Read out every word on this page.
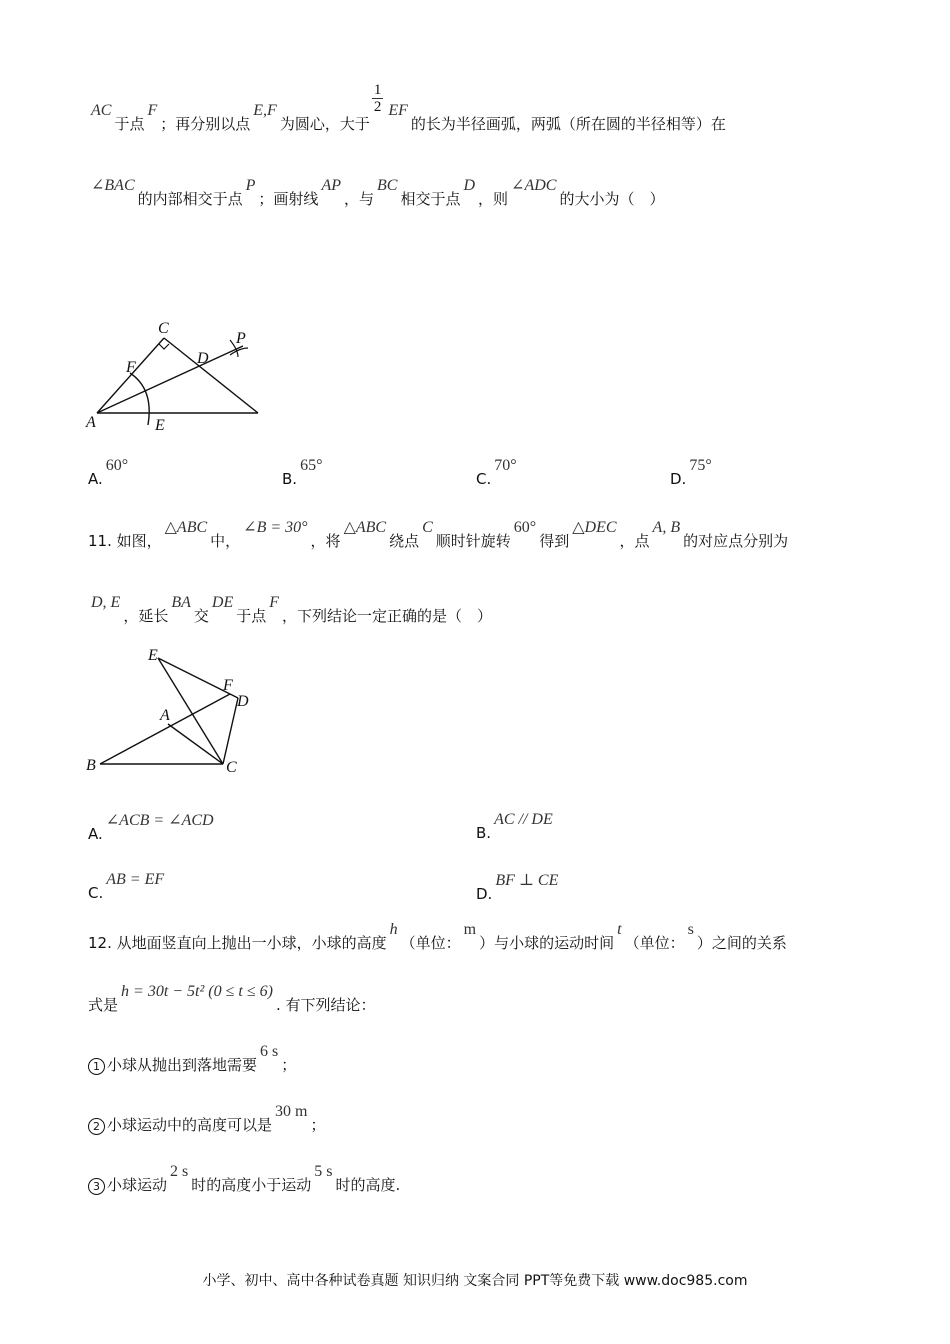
AC于点F；再分别以点E,F为圆心，大于
$\frac{1}{2}$ EF的长为半径画弧，两弧（所在圆的半径相等）在
∠BAC的内部相交于点P；画射线AP，与BC相交于点D，则∠ADC的大小为（　）
C
P
F
D
A	E
A.60°
B.65°
C.70°
D.75°
11. 如图，△ABC中，∠B = 30°，将△ABC绕点C顺时针旋转60°得到△DEC，点A, B的对应点分别为
D, E，延长BA交DE于点F，下列结论一定正确的是（　）
E
F
D
A
B	C
A.∠ACB = ∠ACD
B.AC // DE
C.AB = EF
D.BF ⊥ CE
12. 从地面竖直向上抛出一小球，小球的高度h（单位：m）与小球的运动时间t（单位：s）之间的关系
式是h = 30t − 5t² (0 ≤ t ≤ 6). 有下列结论：
1 小球从抛出到落地需要6 s；
2 小球运动中的高度可以是30 m；
3 小球运动2 s时的高度小于运动5 s时的高度.
小学、初中、高中各种试卷真题 知识归纳 文案合同 PPT等免费下载 www.doc985.com
